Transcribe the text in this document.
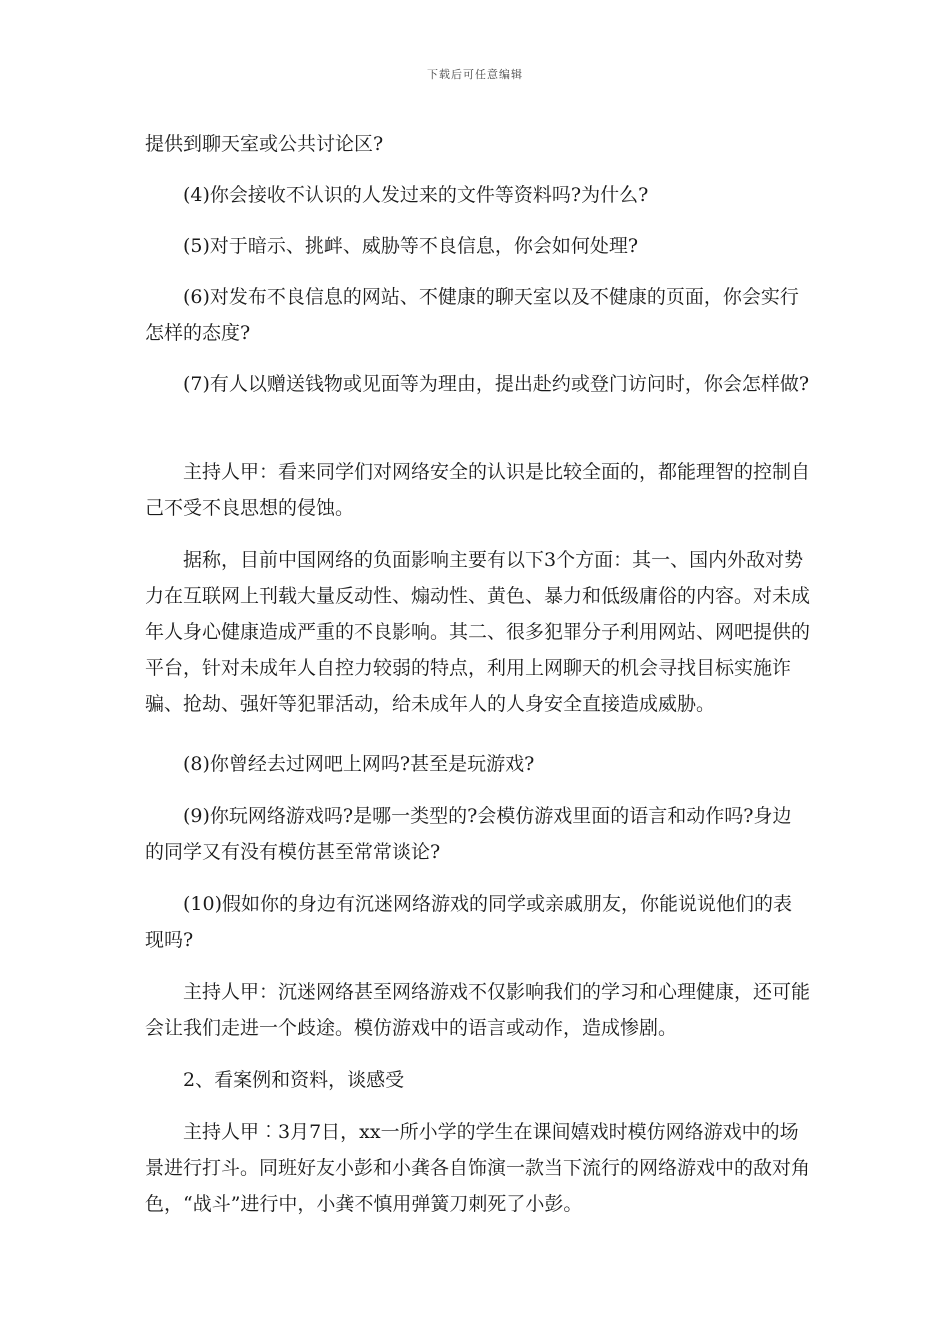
下载后可任意编辑

提供到聊天室或公共讨论区?

(4)你会接收不认识的人发过来的文件等资料吗?为什么?

(5)对于暗示、挑衅、威胁等不良信息，你会如何处理?

(6)对发布不良信息的网站、不健康的聊天室以及不健康的页面，你会实行怎样的态度?

(7)有人以赠送钱物或见面等为理由，提出赴约或登门访问时，你会怎样做?

主持人甲：看来同学们对网络安全的认识是比较全面的，都能理智的控制自己不受不良思想的侵蚀。

据称，目前中国网络的负面影响主要有以下3个方面：其一、国内外敌对势力在互联网上刊载大量反动性、煽动性、黄色、暴力和低级庸俗的内容。对未成年人身心健康造成严重的不良影响。其二、很多犯罪分子利用网站、网吧提供的平台，针对未成年人自控力较弱的特点，利用上网聊天的机会寻找目标实施诈骗、抢劫、强奸等犯罪活动，给未成年人的人身安全直接造成威胁。

(8)你曾经去过网吧上网吗?甚至是玩游戏?

(9)你玩网络游戏吗?是哪一类型的?会模仿游戏里面的语言和动作吗?身边的同学又有没有模仿甚至常常谈论?

(10)假如你的身边有沉迷网络游戏的同学或亲戚朋友，你能说说他们的表现吗?

主持人甲：沉迷网络甚至网络游戏不仅影响我们的学习和心理健康，还可能会让我们走进一个歧途。模仿游戏中的语言或动作，造成惨剧。

2、看案例和资料，谈感受

主持人甲︰3月7日，xx一所小学的学生在课间嬉戏时模仿网络游戏中的场景进行打斗。同班好友小彭和小龚各自饰演一款当下流行的网络游戏中的敌对角色，“战斗”进行中，小龚不慎用弹簧刀刺死了小彭。
